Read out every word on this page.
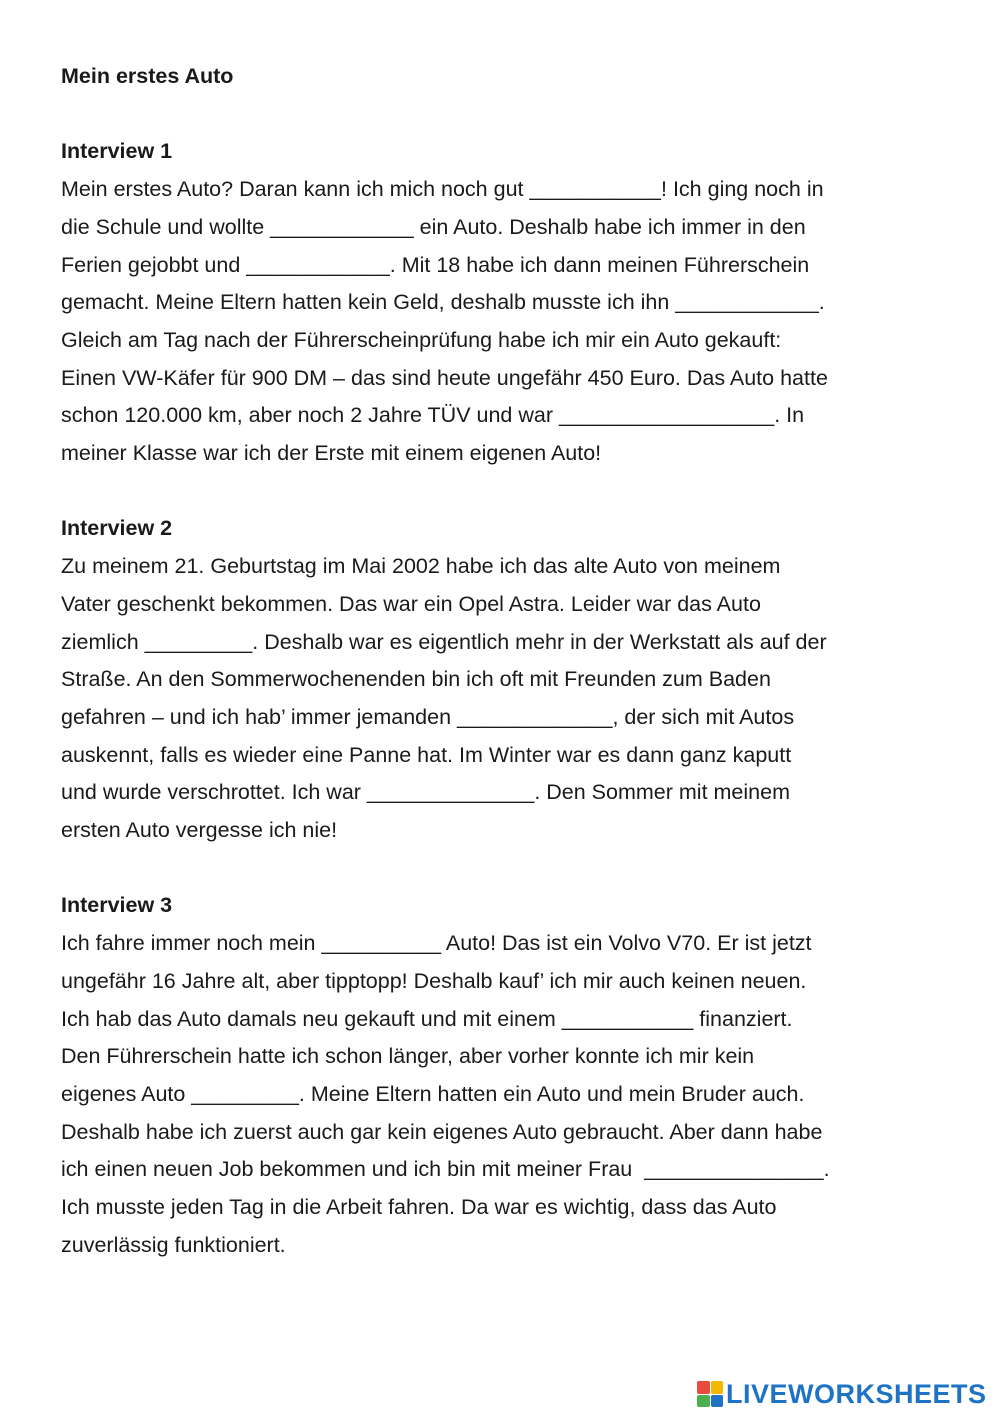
Mein erstes Auto

Interview 1

Mein erstes Auto? Daran kann ich mich noch gut ___________! Ich ging noch in

die Schule und wollte ____________ ein Auto. Deshalb habe ich immer in den

Ferien gejobbt und ____________. Mit 18 habe ich dann meinen Führerschein

gemacht. Meine Eltern hatten kein Geld, deshalb musste ich ihn ____________.

Gleich am Tag nach der Führerscheinprüfung habe ich mir ein Auto gekauft:

Einen VW-Käfer für 900 DM – das sind heute ungefähr 450 Euro. Das Auto hatte

schon 120.000 km, aber noch 2 Jahre TÜV und war __________________. In

meiner Klasse war ich der Erste mit einem eigenen Auto!

Interview 2

Zu meinem 21. Geburtstag im Mai 2002 habe ich das alte Auto von meinem

Vater geschenkt bekommen. Das war ein Opel Astra. Leider war das Auto

ziemlich _________. Deshalb war es eigentlich mehr in der Werkstatt als auf der

Straße. An den Sommerwochenenden bin ich oft mit Freunden zum Baden

gefahren – und ich hab’ immer jemanden _____________, der sich mit Autos

auskennt, falls es wieder eine Panne hat. Im Winter war es dann ganz kaputt

und wurde verschrottet. Ich war ______________. Den Sommer mit meinem

ersten Auto vergesse ich nie!

Interview 3

Ich fahre immer noch mein __________ Auto! Das ist ein Volvo V70. Er ist jetzt

ungefähr 16 Jahre alt, aber tipptopp! Deshalb kauf’ ich mir auch keinen neuen.

Ich hab das Auto damals neu gekauft und mit einem ___________ finanziert.

Den Führerschein hatte ich schon länger, aber vorher konnte ich mir kein

eigenes Auto _________. Meine Eltern hatten ein Auto und mein Bruder auch.

Deshalb habe ich zuerst auch gar kein eigenes Auto gebraucht. Aber dann habe

ich einen neuen Job bekommen und ich bin mit meiner Frau  _______________.

Ich musste jeden Tag in die Arbeit fahren. Da war es wichtig, dass das Auto

zuverlässig funktioniert.

LIVEWORKSHEETS
